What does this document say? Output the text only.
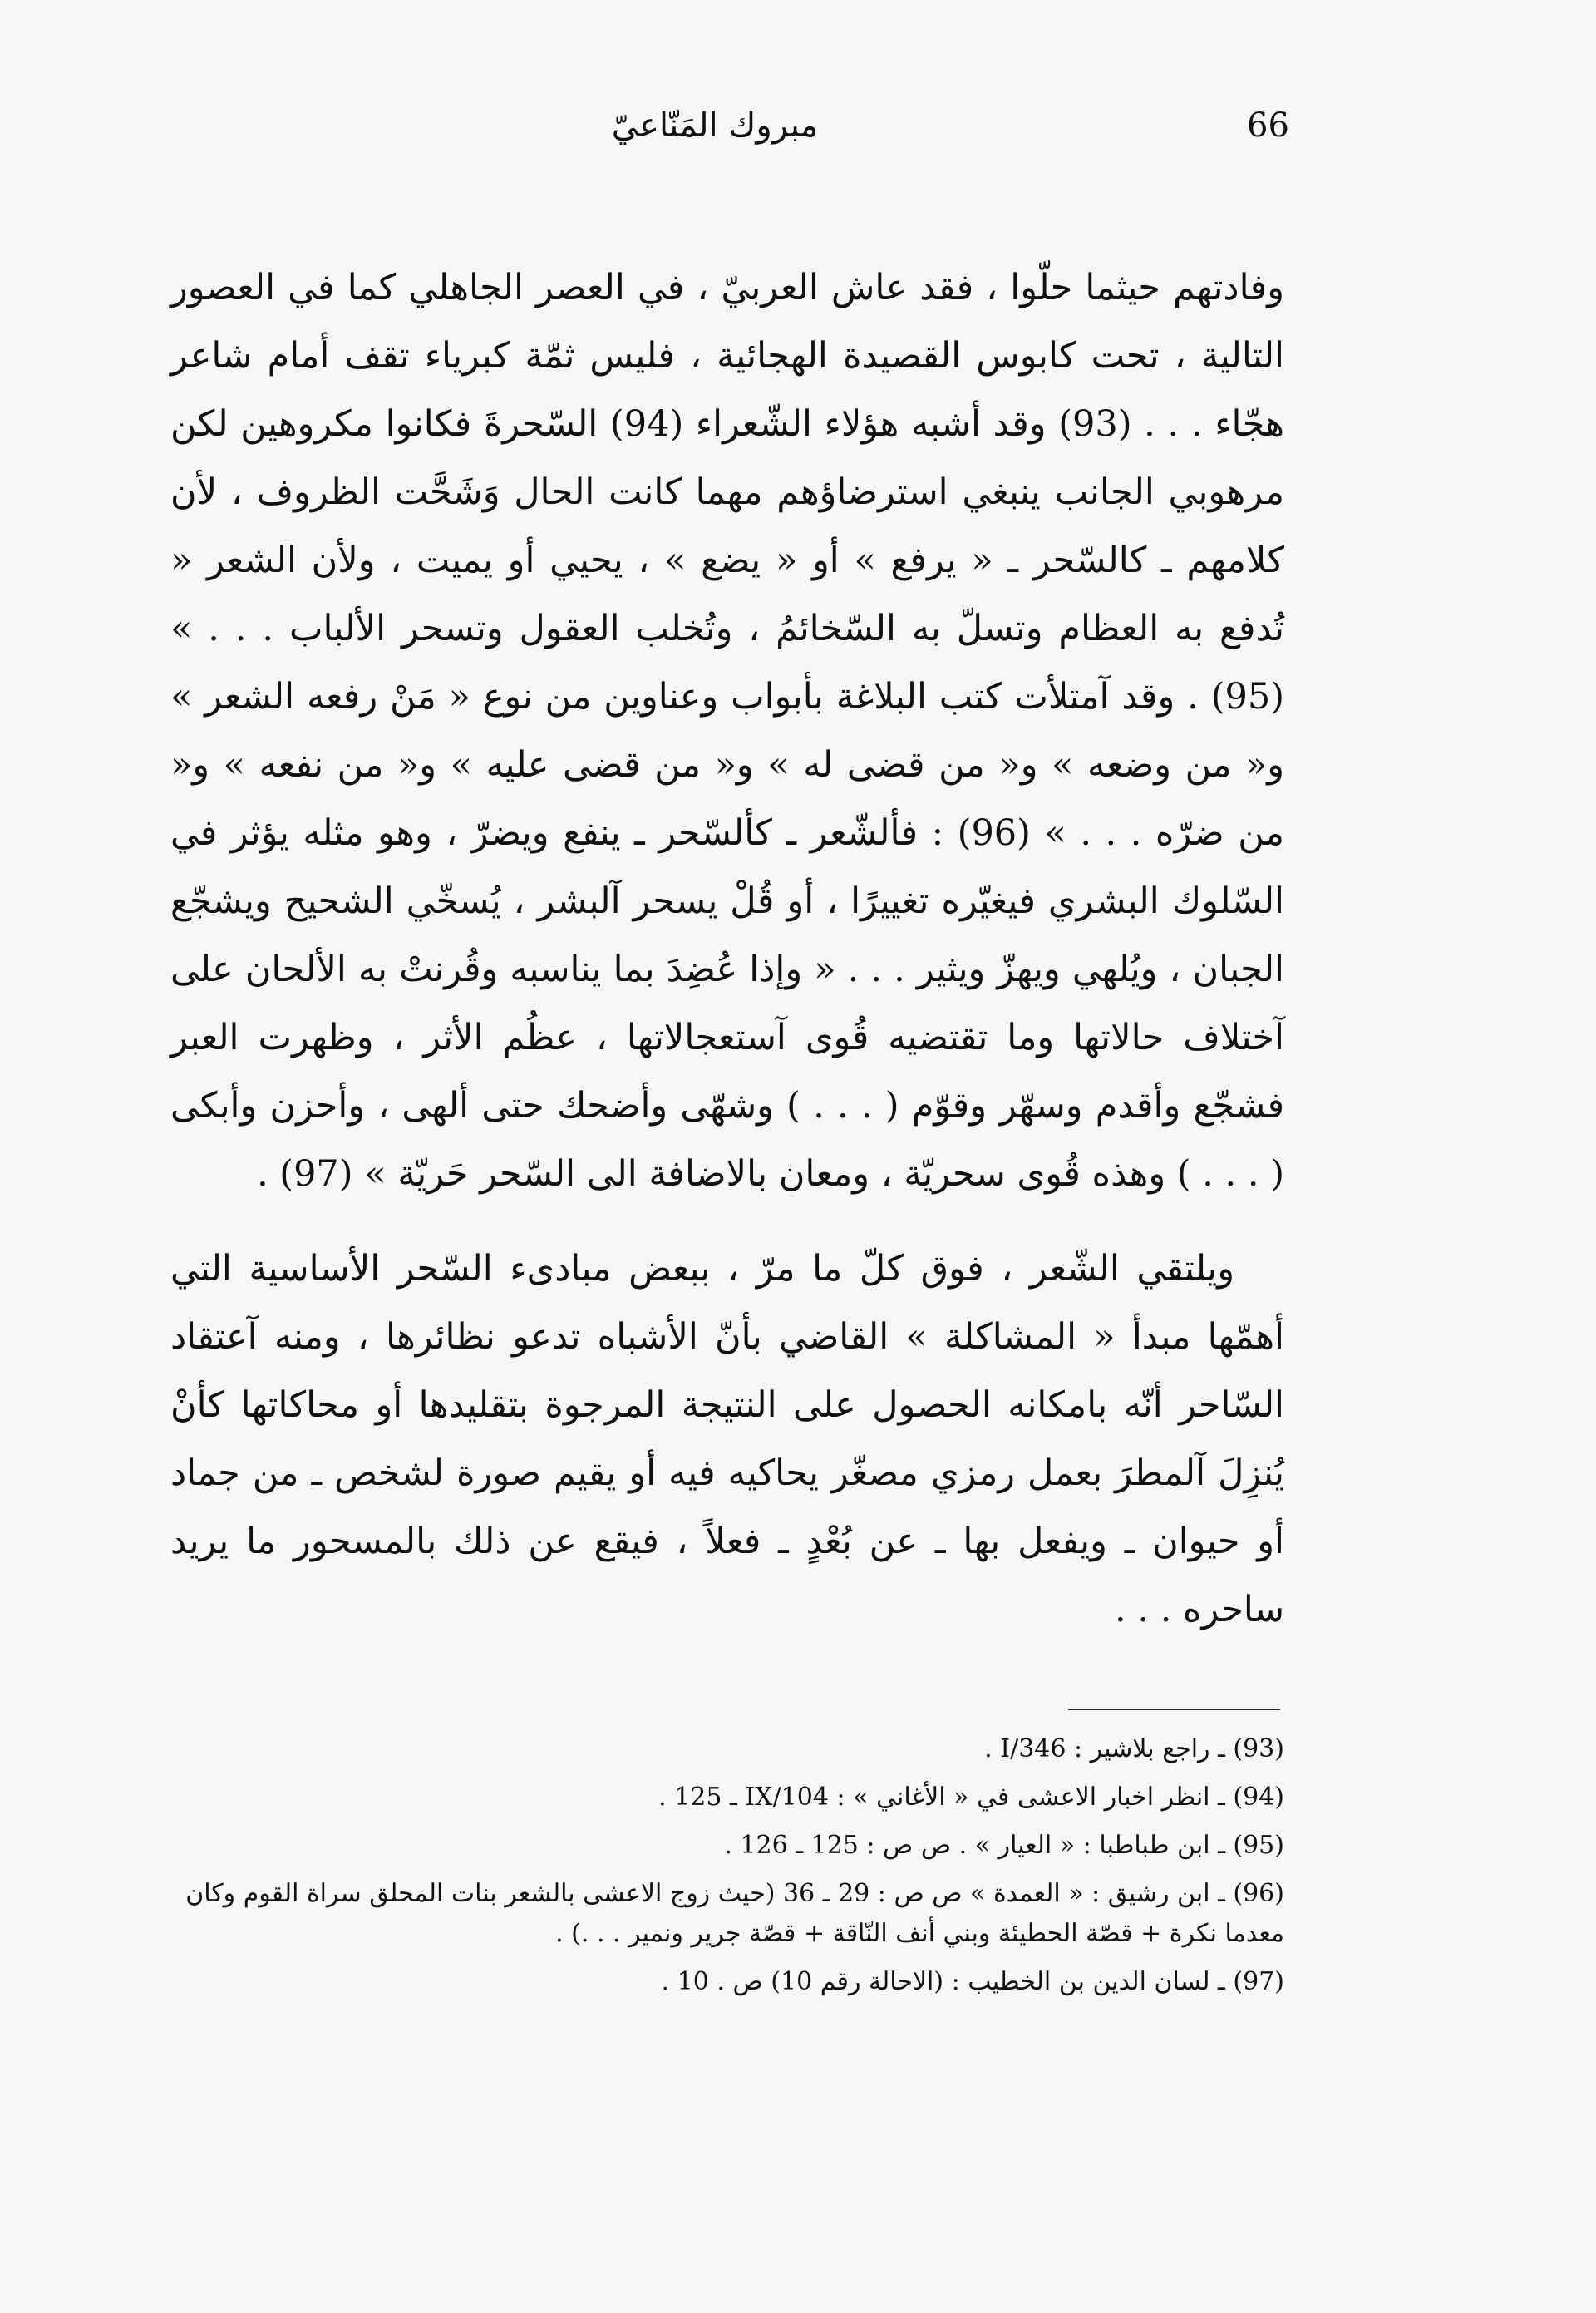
66
مبروك المَنّاعيّ

وفادتهم حيثما حلّوا ، فقد عاش العربيّ ، في العصر الجاهلي كما في العصور التالية ، تحت كابوس القصيدة الهجائية ، فليس ثمّة كبرياء تقف أمام شاعر هجّاء . . . (93) وقد أشبه هؤلاء الشّعراء (94) السّحرةَ فكانوا مكروهين لكن مرهوبي الجانب ينبغي استرضاؤهم مهما كانت الحال وَشَحَّت الظروف ، لأن كلامهم ـ كالسّحر ـ « يرفع » أو « يضع » ، يحيي أو يميت ، ولأن الشعر « تُدفع به العظام وتسلّ به السّخائمُ ، وتُخلب العقول وتسحر الألباب . . . » (95) . وقد آمتلأت كتب البلاغة بأبواب وعناوين من نوع « مَنْ رفعه الشعر » و« من وضعه » و« من قضى له » و« من قضى عليه » و« من نفعه » و« من ضرّه . . . » (96) : فألشّعر ـ كألسّحر ـ ينفع ويضرّ ، وهو مثله يؤثر في السّلوك البشري فيغيّره تغييرًا ، أو قُلْ يسحر آلبشر ، يُسخّي الشحيح ويشجّع الجبان ، ويُلهي ويهزّ ويثير . . . « وإذا عُضِدَ بما يناسبه وقُرنتْ به الألحان على آختلاف حالاتها وما تقتضيه قُوى آستعجالاتها ، عظُم الأثر ، وظهرت العبر فشجّع وأقدم وسهّر وقوّم ( . . . ) وشهّى وأضحك حتى ألهى ، وأحزن وأبكى ( . . . ) وهذه قُوى سحريّة ، ومعان بالاضافة الى السّحر حَريّة » (97) .

ويلتقي الشّعر ، فوق كلّ ما مرّ ، ببعض مبادىء السّحر الأساسية التي أهمّها مبدأ « المشاكلة » القاضي بأنّ الأشباه تدعو نظائرها ، ومنه آعتقاد السّاحر أنّه بامكانه الحصول على النتيجة المرجوة بتقليدها أو محاكاتها كأنْ يُنزِلَ آلمطرَ بعمل رمزي مصغّر يحاكيه فيه أو يقيم صورة لشخص ـ من جماد أو حيوان ـ ويفعل بها ـ عن بُعْدٍ ـ فعلاً ، فيقع عن ذلك بالمسحور ما يريد ساحره . . .

(93) ـ راجع بلاشير : 346/I .

(94) ـ انظر اخبار الاعشى في « الأغاني » : 104/IX ـ 125 .

(95) ـ ابن طباطبا : « العيار » . ص ص : 125 ـ 126 .

(96) ـ ابن رشيق : « العمدة » ص ص : 29 ـ 36 (حيث زوج الاعشى بالشعر بنات المحلق سراة القوم وكان معدما نكرة + قصّة الحطيئة وبني أنف النّاقة + قصّة جرير ونمير . . .) .

(97) ـ لسان الدين بن الخطيب : (الاحالة رقم 10) ص . 10 .
